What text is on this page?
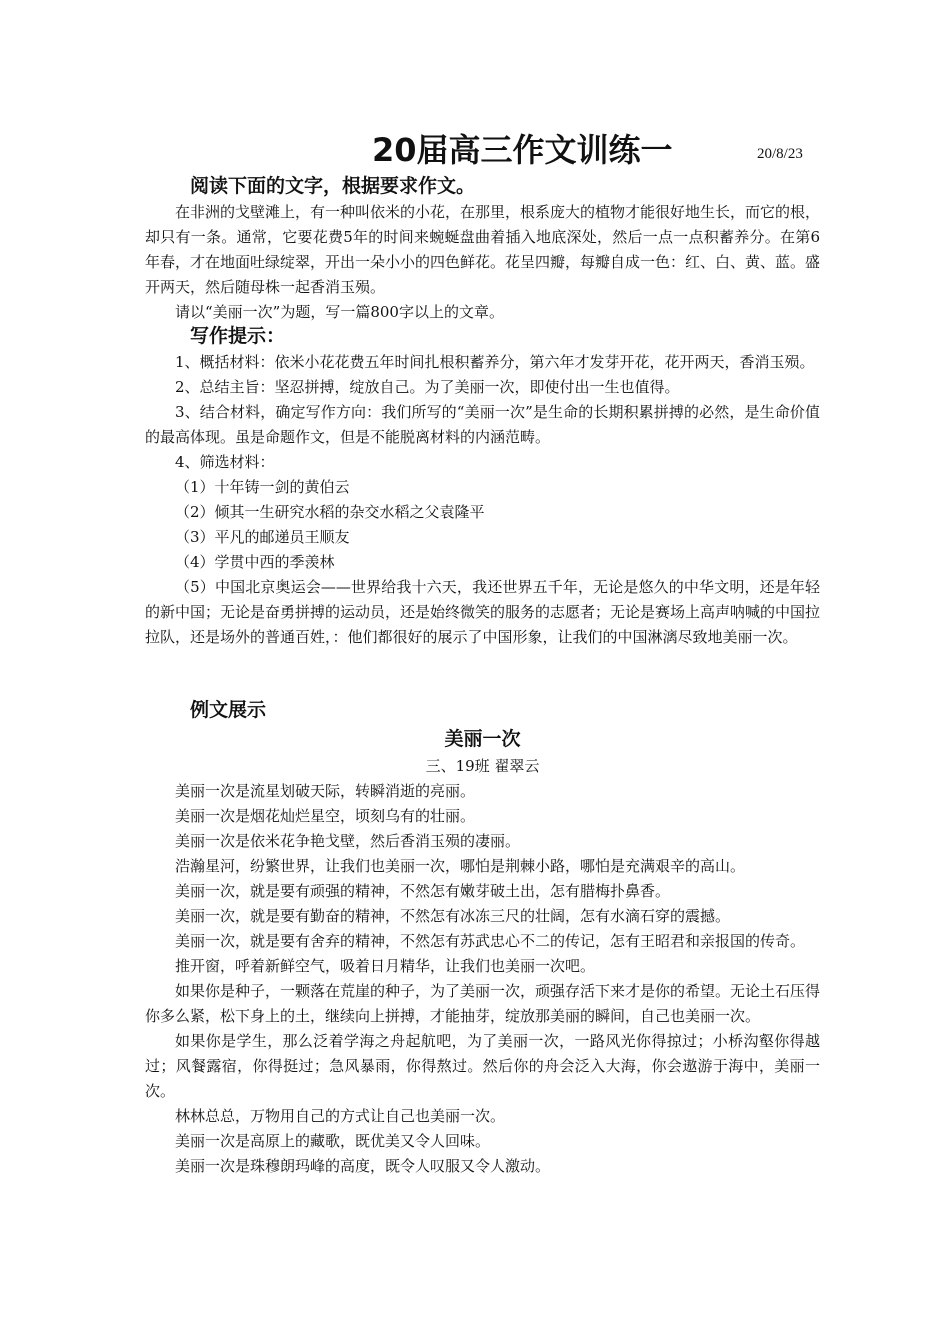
20届高三作文训练一	20/8/23
阅读下面的文字，根据要求作文。

在非洲的戈壁滩上，有一种叫依米的小花，在那里，根系庞大的植物才能很好地生长，而它的根，却只有一条。通常，它要花费5年的时间来蜿蜒盘曲着插入地底深处，然后一点一点积蓄养分。在第6年春，才在地面吐绿绽翠，开出一朵小小的四色鲜花。花呈四瓣，每瓣自成一色：红、白、黄、蓝。盛开两天，然后随母株一起香消玉殒。

请以“美丽一次”为题，写一篇800字以上的文章。

写作提示：

1、概括材料：依米小花花费五年时间扎根积蓄养分，第六年才发芽开花，花开两天，香消玉殒。

2、总结主旨：坚忍拼搏，绽放自己。为了美丽一次，即使付出一生也值得。

3、结合材料，确定写作方向：我们所写的“美丽一次”是生命的长期积累拼搏的必然，是生命价值的最高体现。虽是命题作文，但是不能脱离材料的内涵范畴。

4、筛选材料：

（1）十年铸一剑的黄伯云

（2）倾其一生研究水稻的杂交水稻之父袁隆平

（3）平凡的邮递员王顺友

（4）学贯中西的季羡林

（5）中国北京奥运会——世界给我十六天，我还世界五千年，无论是悠久的中华文明，还是年轻的新中国；无论是奋勇拼搏的运动员，还是始终微笑的服务的志愿者；无论是赛场上高声呐喊的中国拉拉队，还是场外的普通百姓，：他们都很好的展示了中国形象，让我们的中国淋漓尽致地美丽一次。

例文展示
美丽一次

三、19班 翟翠云

美丽一次是流星划破天际，转瞬消逝的亮丽。

美丽一次是烟花灿烂星空，顷刻乌有的壮丽。

美丽一次是依米花争艳戈壁，然后香消玉殒的凄丽。

浩瀚星河，纷繁世界，让我们也美丽一次，哪怕是荆棘小路，哪怕是充满艰辛的高山。

美丽一次，就是要有顽强的精神，不然怎有嫩芽破土出，怎有腊梅扑鼻香。

美丽一次，就是要有勤奋的精神，不然怎有冰冻三尺的壮阔，怎有水滴石穿的震撼。

美丽一次，就是要有舍弃的精神，不然怎有苏武忠心不二的传记，怎有王昭君和亲报国的传奇。

推开窗，呼着新鲜空气，吸着日月精华，让我们也美丽一次吧。

如果你是种子，一颗落在荒崖的种子，为了美丽一次，顽强存活下来才是你的希望。无论土石压得你多么紧，松下身上的土，继续向上拼搏，才能抽芽，绽放那美丽的瞬间，自己也美丽一次。

如果你是学生，那么泛着学海之舟起航吧，为了美丽一次，一路风光你得掠过；小桥沟壑你得越过；风餐露宿，你得挺过；急风暴雨，你得熬过。然后你的舟会泛入大海，你会遨游于海中，美丽一次。

林林总总，万物用自己的方式让自己也美丽一次。

美丽一次是高原上的藏歌，既优美又令人回味。

美丽一次是珠穆朗玛峰的高度，既令人叹服又令人激动。
